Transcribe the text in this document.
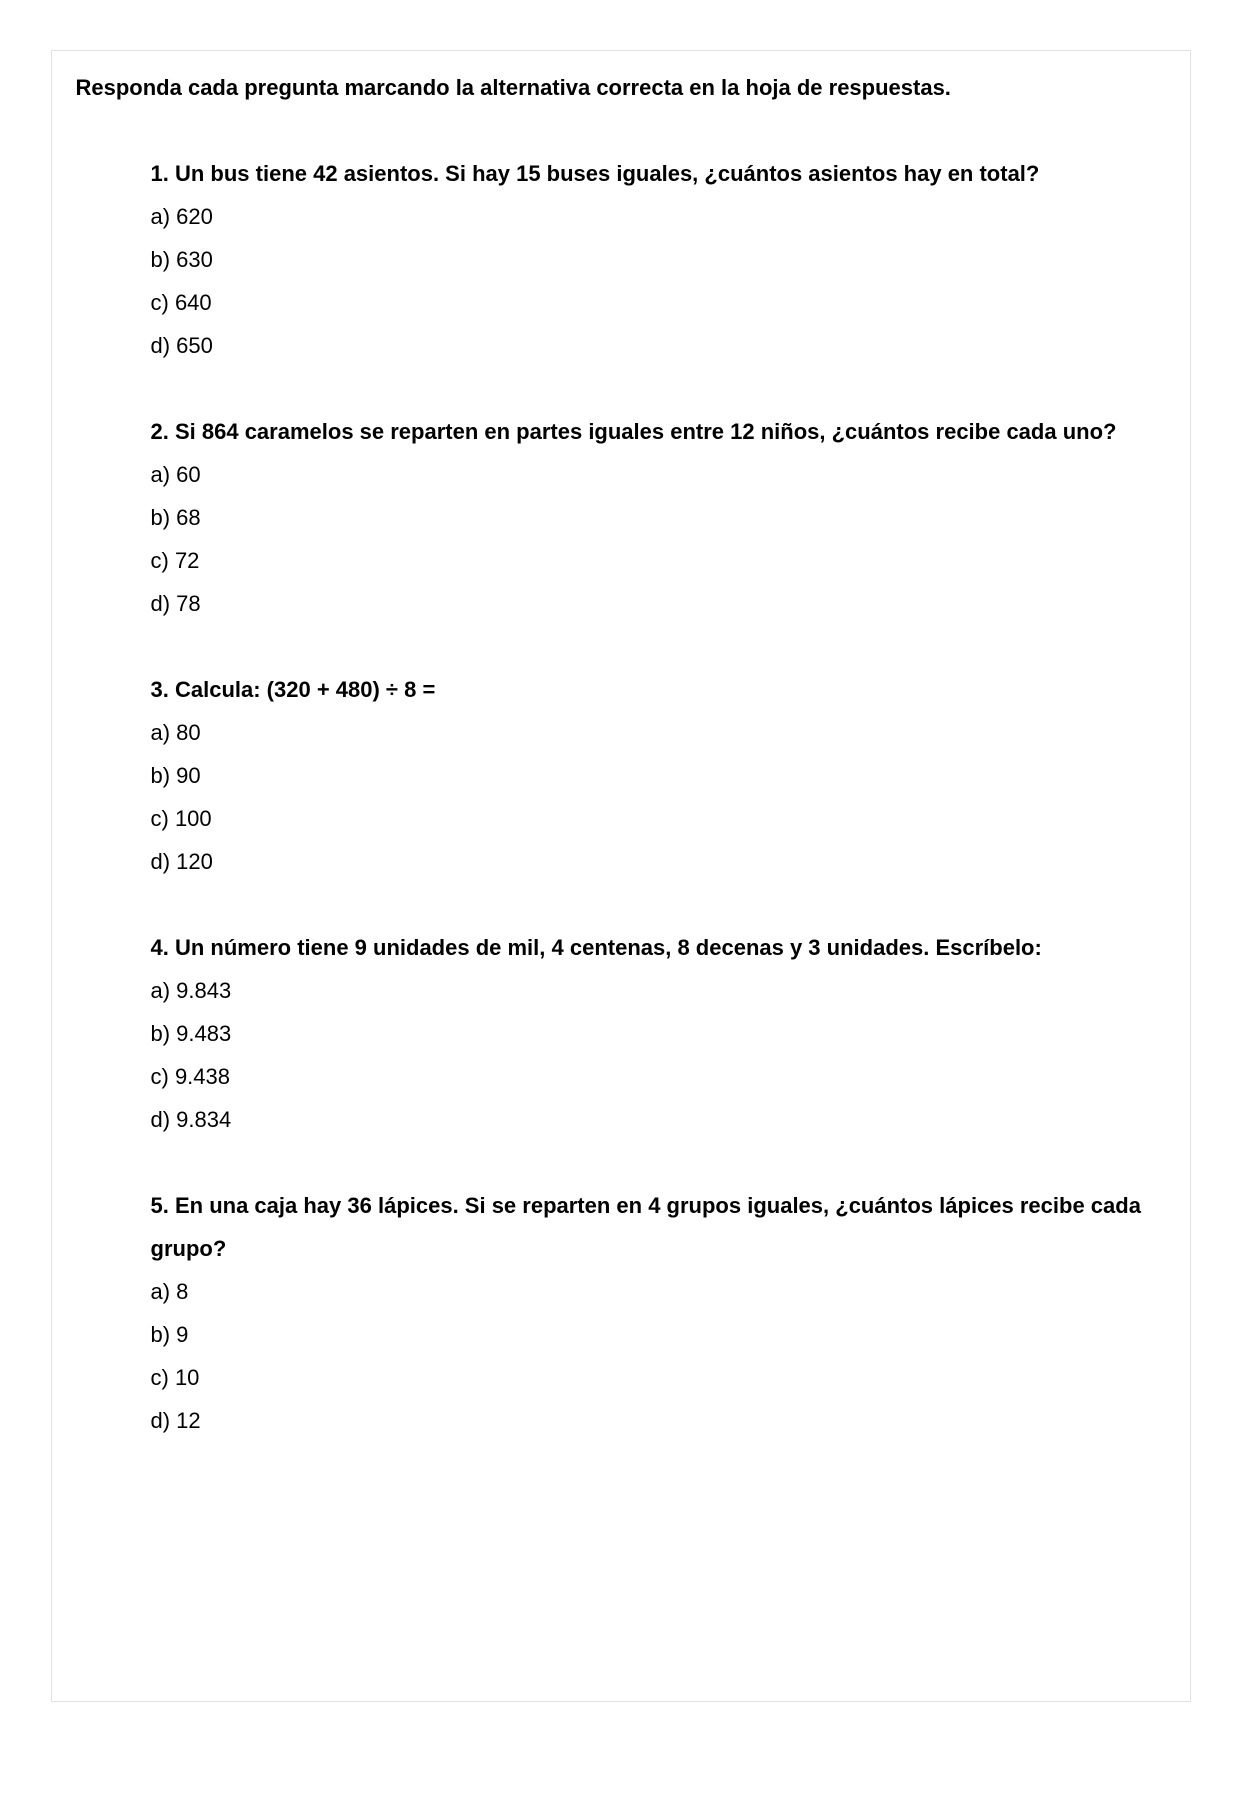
Responda cada pregunta marcando la alternativa correcta en la hoja de respuestas.

1. Un bus tiene 42 asientos. Si hay 15 buses iguales, ¿cuántos asientos hay en total?

a) 620

b) 630

c) 640

d) 650

2. Si 864 caramelos se reparten en partes iguales entre 12 niños, ¿cuántos recibe cada uno?

a) 60

b) 68

c) 72

d) 78

3. Calcula: (320 + 480) ÷ 8 =

a) 80

b) 90

c) 100

d) 120

4. Un número tiene 9 unidades de mil, 4 centenas, 8 decenas y 3 unidades. Escríbelo:

a) 9.843

b) 9.483

c) 9.438

d) 9.834

5. En una caja hay 36 lápices. Si se reparten en 4 grupos iguales, ¿cuántos lápices recibe cada grupo?

a) 8

b) 9

c) 10

d) 12
